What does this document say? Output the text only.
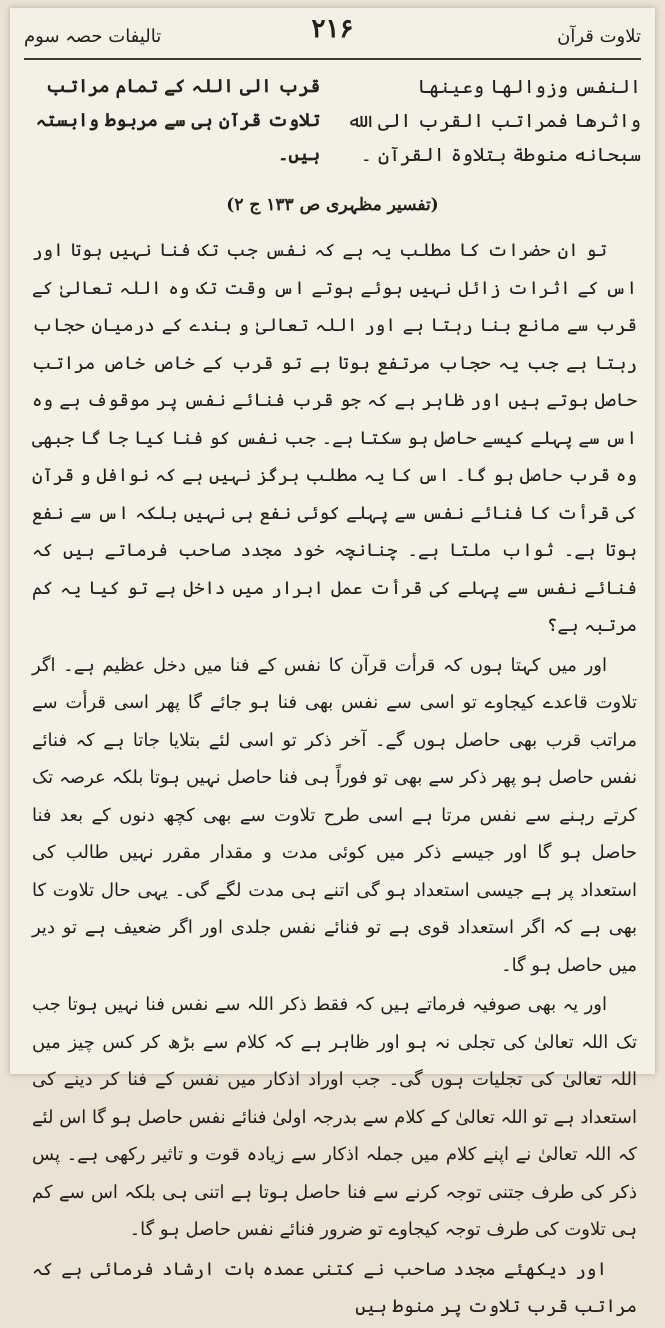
تلاوت قرآن
۲۱۶
تالیفات حصہ سوم
النفس وزوالها وعينها واثرها فمراتب القرب الى الله سبحانه منوطة بتلاوة القرآن ۔
قرب الی اللہ کے تمام مراتب تلاوت قرآن ہی سے مربوط وابستہ ہیں۔
(تفسیر مظہری ص ۱۳۳ ج ۲)

تو ان حضرات کا مطلب یہ ہے کہ نفس جب تک فنا نہیں ہوتا اور اس کے اثرات زائل نہیں ہوئے ہوتے اس وقت تک وہ اللہ تعالیٰ کے قرب سے مانع بنا رہتا ہے اور اللہ تعالیٰ و بندے کے درمیان حجاب رہتا ہے جب یہ حجاب مرتفع ہوتا ہے تو قرب کے خاص خاص مراتب حاصل ہوتے ہیں اور ظاہر ہے کہ جو قرب فنائے نفس پر موقوف ہے وہ اس سے پہلے کیسے حاصل ہو سکتا ہے۔ جب نفس کو فنا کیا جا گا جبھی وہ قرب حاصل ہو گا۔ اس کا یہ مطلب ہرگز نہیں ہے کہ نوافل و قرآن کی قرأت کا فنائے نفس سے پہلے کوئی نفع ہی نہیں بلکہ اس سے نفع ہوتا ہے۔ ثواب ملتا ہے۔ چنانچہ خود مجدد صاحب فرماتے ہیں کہ فنائے نفس سے پہلے کی قرأت عمل ابرار میں داخل ہے تو کیا یہ کم مرتبہ ہے؟

اور میں کہتا ہوں کہ قرأت قرآن کا نفس کے فنا میں دخل عظیم ہے۔ اگر تلاوت قاعدے کیجاوے تو اسی سے نفس بھی فنا ہو جائے گا پھر اسی قرأت سے مراتب قرب بھی حاصل ہوں گے۔ آخر ذکر تو اسی لئے بتلایا جاتا ہے کہ فنائے نفس حاصل ہو پھر ذکر سے بھی تو فوراً ہی فنا حاصل نہیں ہوتا بلکہ عرصہ تک کرتے رہنے سے نفس مرتا ہے اسی طرح تلاوت سے بھی کچھ دنوں کے بعد فنا حاصل ہو گا اور جیسے ذکر میں کوئی مدت و مقدار مقرر نہیں طالب کی استعداد پر ہے جیسی استعداد ہو گی اتنے ہی مدت لگے گی۔ یہی حال تلاوت کا بھی ہے کہ اگر استعداد قوی ہے تو فنائے نفس جلدی اور اگر ضعیف ہے تو دیر میں حاصل ہو گا۔

اور یہ بھی صوفیہ فرماتے ہیں کہ فقط ذکر اللہ سے نفس فنا نہیں ہوتا جب تک اللہ تعالیٰ کی تجلی نہ ہو اور ظاہر ہے کہ کلام سے بڑھ کر کس چیز میں اللہ تعالیٰ کی تجلیات ہوں گی۔ جب اوراد اذکار میں نفس کے فنا کر دینے کی استعداد ہے تو اللہ تعالیٰ کے کلام سے بدرجہ اولیٰ فنائے نفس حاصل ہو گا اس لئے کہ اللہ تعالیٰ نے اپنے کلام میں جملہ اذکار سے زیادہ قوت و تاثیر رکھی ہے۔ پس ذکر کی طرف جتنی توجہ کرنے سے فنا حاصل ہوتا ہے اتنی ہی بلکہ اس سے کم ہی تلاوت کی طرف توجہ کیجاوے تو ضرور فنائے نفس حاصل ہو گا۔

اور دیکھئے مجدد صاحب نے کتنی عمدہ بات ارشاد فرمائی ہے کہ مراتب قرب تلاوت پر منوط ہیں
